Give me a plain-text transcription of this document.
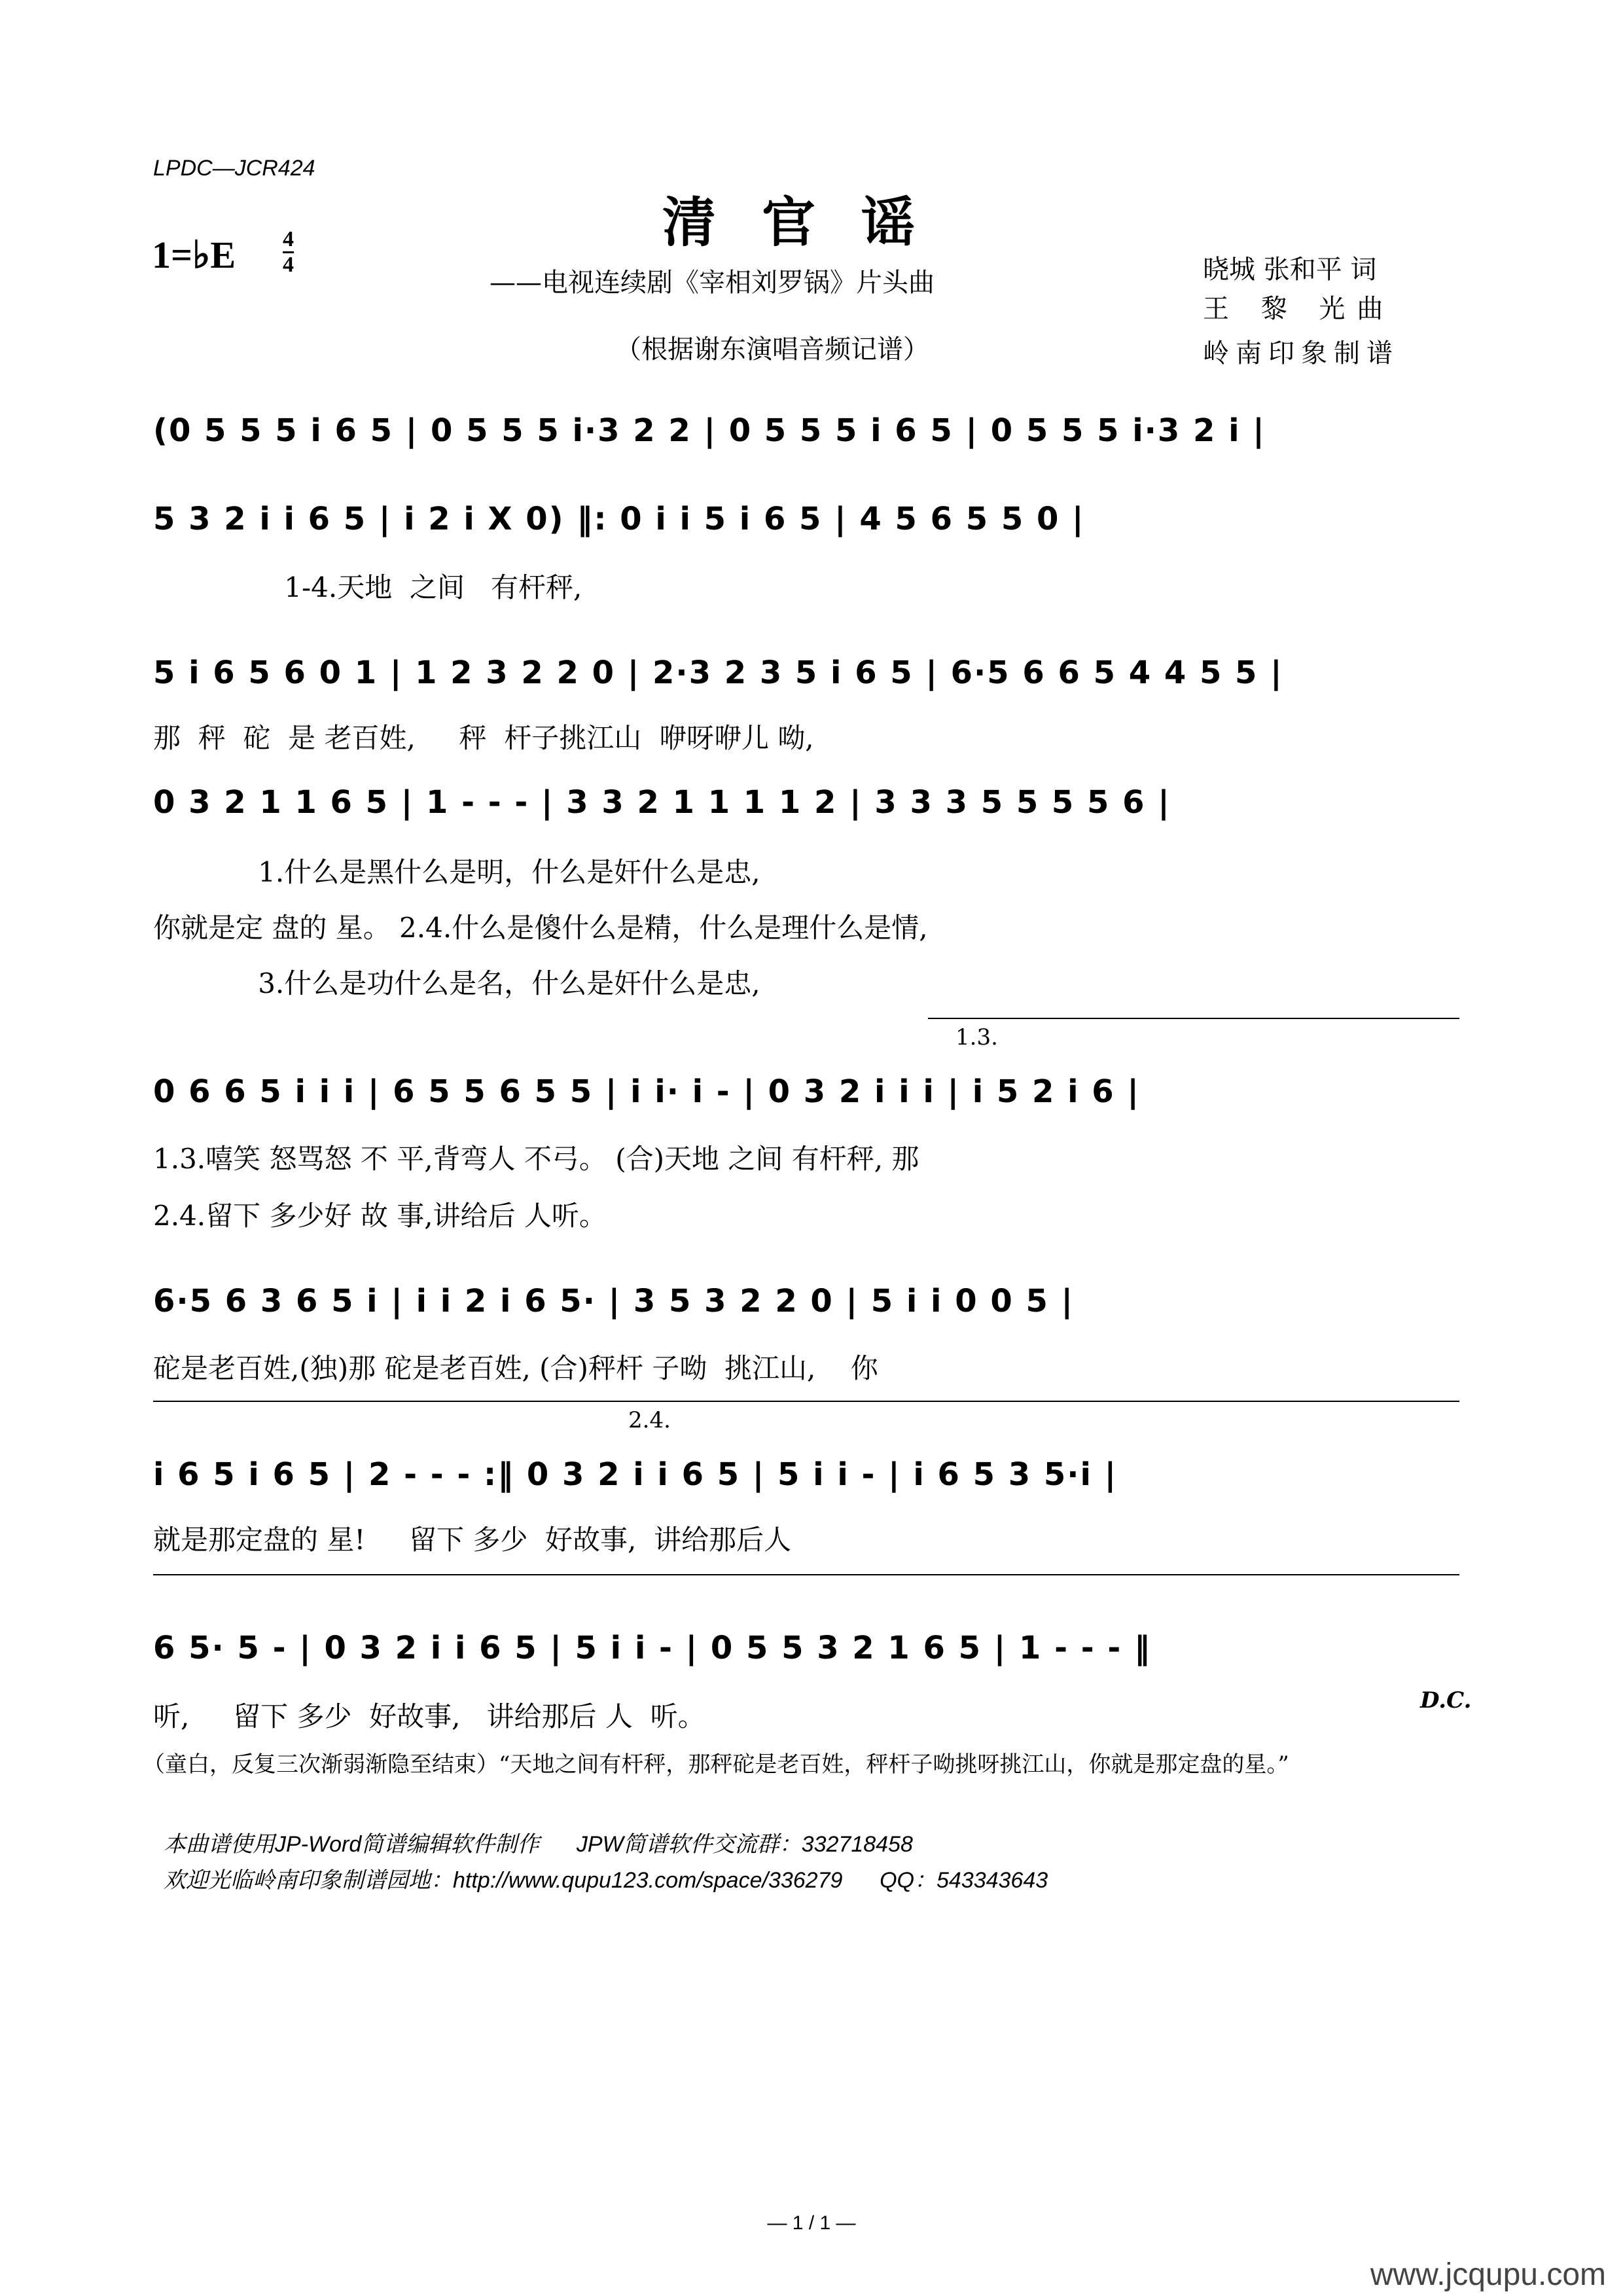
LPDC—JCR424
清官谣
1=♭E 4
4
——电视连续剧《宰相刘罗锅》片头曲
（根据谢东演唱音频记谱）
晓城 张和平 词
王 黎 光曲
岭南印象制谱
(0 5 5 5 i 6 5 | 0 5 5 5 i·3 2 2 | 0 5 5 5 i 6 5 | 0 5 5 5 i·3 2 i |
5 3 2 i i 6 5 | i 2 i X 0) ‖: 0 i i 5 i 6 5 | 4 5 6 5 5 0 |
1-4.天地  之间   有杆秤,
5 i 6 5 6 0 1 | 1 2 3 2 2 0 | 2·3 2 3 5 i 6 5 | 6·5 6 6 5 4 4 5 5 |
那  秤  砣  是 老百姓,     秤  杆子挑江山  咿呀咿儿 呦,
0 3 2 1 1 6 5 | 1 - - - | 3 3 2 1 1 1 1 2 | 3 3 3 5 5 5 5 6 |
1.什么是黑什么是明，什么是奸什么是忠,
你就是定 盘的 星。 2.4.什么是傻什么是精，什么是理什么是情,
3.什么是功什么是名，什么是奸什么是忠,
1.3.
0 6 6 5 i i i | 6 5 5 6 5 5 | i i· i - | 0 3 2 i i i | i 5 2 i 6 |
1.3.嘻笑 怒骂怒 不 平,背弯人 不弓。 (合)天地 之间 有杆秤, 那
2.4.留下 多少好 故 事,讲给后 人听。
6·5 6 3 6 5 i | i i 2 i 6 5· | 3 5 3 2 2 0 | 5 i i 0 0 5 |
砣是老百姓,(独)那 砣是老百姓, (合)秤杆 子呦  挑江山,    你
2.4.
i 6 5 i 6 5 | 2 - - - :‖ 0 3 2 i i 6 5 | 5 i i - | i 6 5 3 5·i |
就是那定盘的 星!     留下 多少  好故事,  讲给那后人
6 5· 5 - | 0 3 2 i i 6 5 | 5 i i - | 0 5 5 3 2 1 6 5 | 1 - - - ‖
听,     留下 多少  好故事,   讲给那后 人  听。	D.C.
（童白，反复三次渐弱渐隐至结束）“天地之间有杆秤，那秤砣是老百姓，秤杆子呦挑呀挑江山，你就是那定盘的星。”
本曲谱使用JP-Word简谱编辑软件制作      JPW简谱软件交流群：332718458
欢迎光临岭南印象制谱园地：http://www.qupu123.com/space/336279      QQ：543343643
— 1 / 1 —
www.jcqupu.com
